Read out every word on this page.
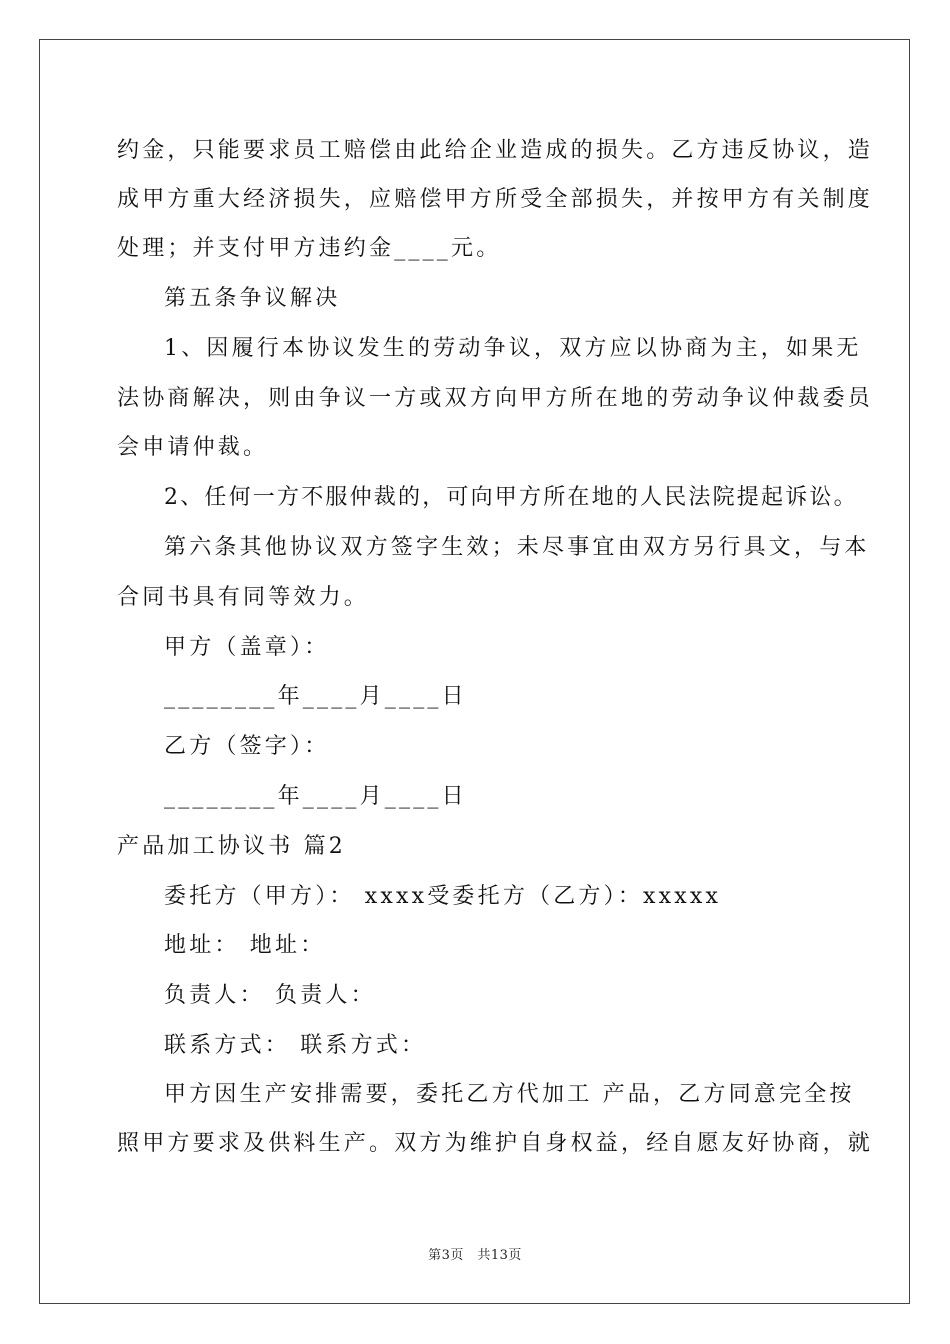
约金，只能要求员工赔偿由此给企业造成的损失。乙方违反协议，造
成甲方重大经济损失，应赔偿甲方所受全部损失，并按甲方有关制度
处理；并支付甲方违约金____元。
第五条争议解决
1、因履行本协议发生的劳动争议，双方应以协商为主，如果无
法协商解决，则由争议一方或双方向甲方所在地的劳动争议仲裁委员
会申请仲裁。
2、任何一方不服仲裁的，可向甲方所在地的人民法院提起诉讼。
第六条其他协议双方签字生效；未尽事宜由双方另行具文，与本
合同书具有同等效力。
甲方（盖章）：
________年____月____日
乙方（签字）：
________年____月____日
产品加工协议书 篇2
委托方（甲方）： xxxx受委托方（乙方）：xxxxx
地址： 地址：
负责人： 负责人：
联系方式： 联系方式：
甲方因生产安排需要，委托乙方代加工 产品，乙方同意完全按
照甲方要求及供料生产。双方为维护自身权益，经自愿友好协商，就
第3页　共13页
